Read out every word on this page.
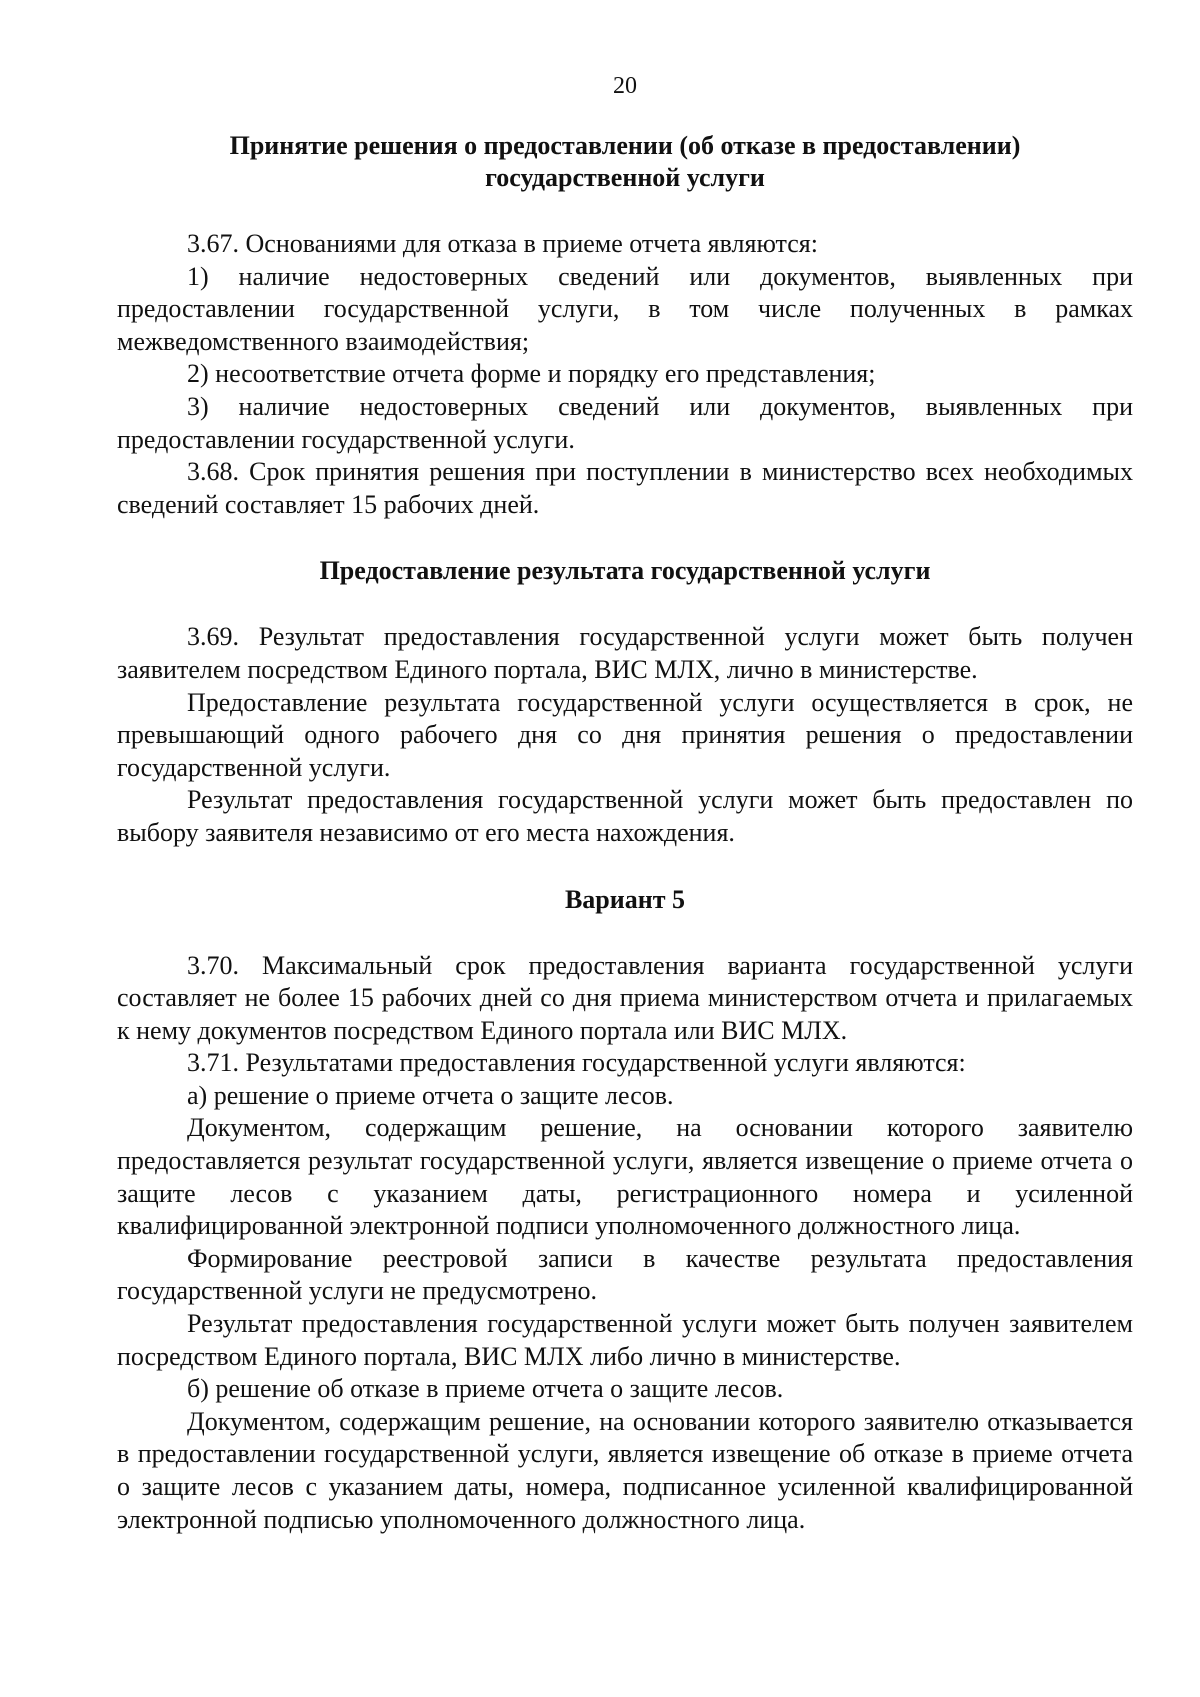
20
Принятие решения о предоставлении (об отказе в предоставлении) государственной услуги

3.67. Основаниями для отказа в приеме отчета являются:

1) наличие недостоверных сведений или документов, выявленных при предоставлении государственной услуги, в том числе полученных в рамках межведомственного взаимодействия;

2) несоответствие отчета форме и порядку его представления;

3) наличие недостоверных сведений или документов, выявленных при предоставлении государственной услуги.

3.68. Срок принятия решения при поступлении в министерство всех необходимых сведений составляет 15 рабочих дней.

Предоставление результата государственной услуги

3.69. Результат предоставления государственной услуги может быть получен заявителем посредством Единого портала, ВИС МЛХ, лично в министерстве.

Предоставление результата государственной услуги осуществляется в срок, не превышающий одного рабочего дня со дня принятия решения о предоставлении государственной услуги.

Результат предоставления государственной услуги может быть предоставлен по выбору заявителя независимо от его места нахождения.

Вариант 5

3.70. Максимальный срок предоставления варианта государственной услуги составляет не более 15 рабочих дней со дня приема министерством отчета и прилагаемых к нему документов посредством Единого портала или ВИС МЛХ.

3.71. Результатами предоставления государственной услуги являются:

а) решение о приеме отчета о защите лесов.

Документом, содержащим решение, на основании которого заявителю предоставляется результат государственной услуги, является извещение о приеме отчета о защите лесов с указанием даты, регистрационного номера и усиленной квалифицированной электронной подписи уполномоченного должностного лица.

Формирование реестровой записи в качестве результата предоставления государственной услуги не предусмотрено.

Результат предоставления государственной услуги может быть получен заявителем посредством Единого портала, ВИС МЛХ либо лично в министерстве.

б) решение об отказе в приеме отчета о защите лесов.

Документом, содержащим решение, на основании которого заявителю отказывается в предоставлении государственной услуги, является извещение об отказе в приеме отчета о защите лесов с указанием даты, номера, подписанное усиленной квалифицированной электронной подписью уполномоченного должностного лица.
